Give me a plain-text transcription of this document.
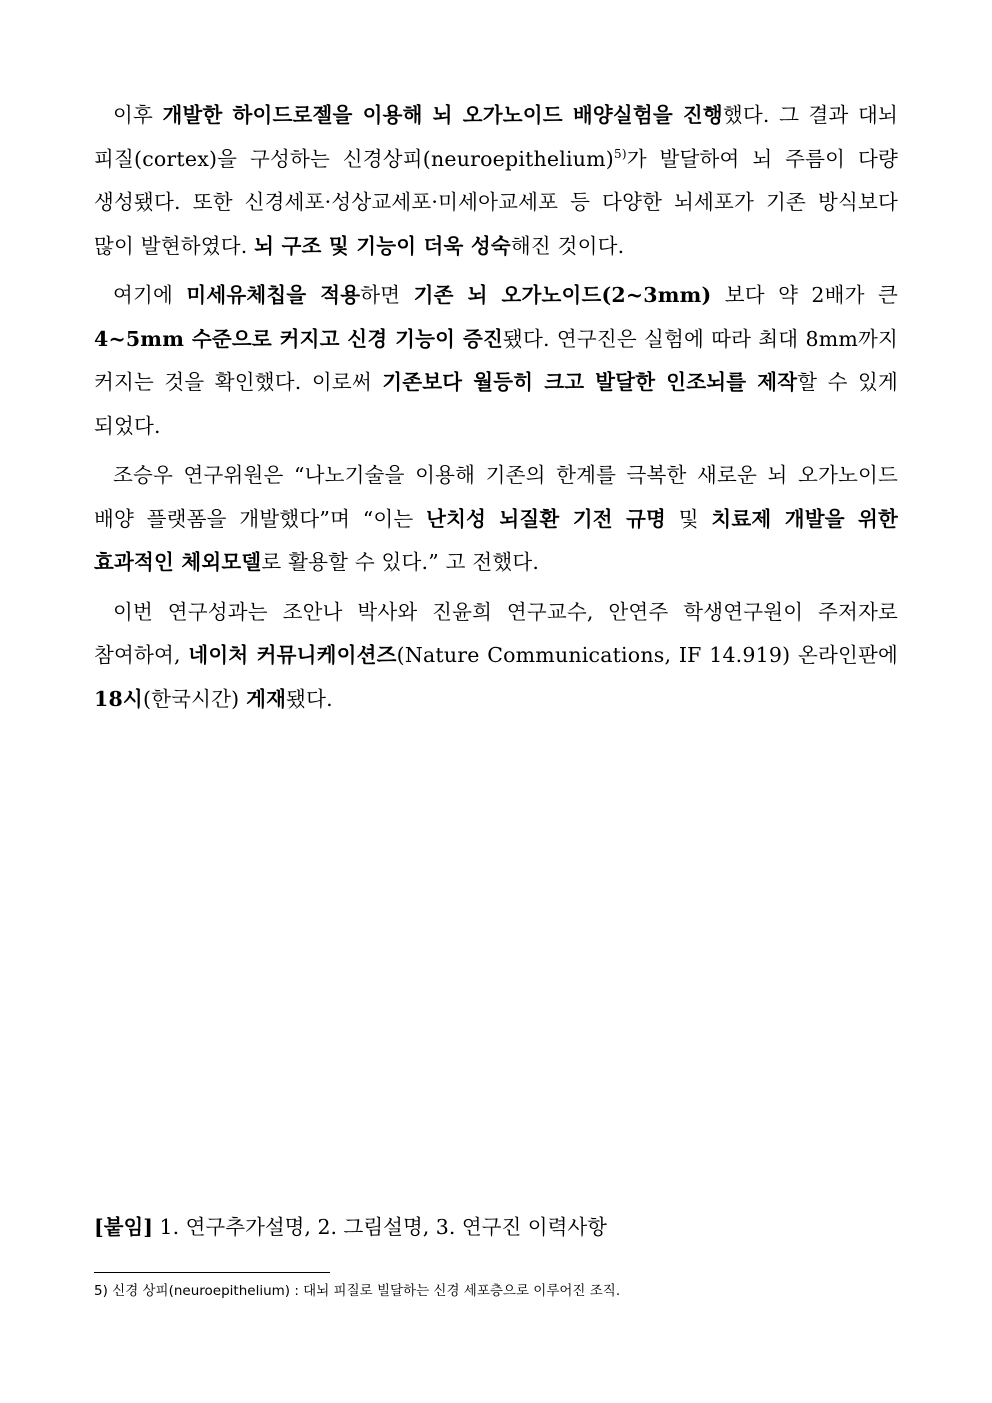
이후 개발한 하이드로젤을 이용해 뇌 오가노이드 배양실험을 진행했다. 그 결과 대뇌 피질(cortex)을 구성하는 신경상피(neuroepithelium)$^{5)}$가 발달하여 뇌 주름이 다량 생성됐다. 또한 신경세포·성상교세포·미세아교세포 등 다양한 뇌세포가 기존 방식보다 많이 발현하였다. 뇌 구조 및 기능이 더욱 성숙해진 것이다.

여기에 미세유체칩을 적용하면 기존 뇌 오가노이드(2~3mm) 보다 약 2배가 큰 4~5mm 수준으로 커지고 신경 기능이 증진됐다. 연구진은 실험에 따라 최대 8mm까지 커지는 것을 확인했다. 이로써 기존보다 월등히 크고 발달한 인조뇌를 제작할 수 있게 되었다.

조승우 연구위원은 “나노기술을 이용해 기존의 한계를 극복한 새로운 뇌 오가노이드 배양 플랫폼을 개발했다”며 “이는 난치성 뇌질환 기전 규명 및 치료제 개발을 위한 효과적인 체외모델로 활용할 수 있다.” 고 전했다.

이번 연구성과는 조안나 박사와 진윤희 연구교수, 안연주 학생연구원이 주저자로 참여하여, 네이처 커뮤니케이션즈(Nature Communications, IF 14.919) 온라인판에 18시(한국시간) 게재됐다.

[붙임] 1. 연구추가설명, 2. 그림설명, 3. 연구진 이력사항

5) 신경 상피(neuroepithelium) : 대뇌 피질로 빌달하는 신경 세포층으로 이루어진 조직.
